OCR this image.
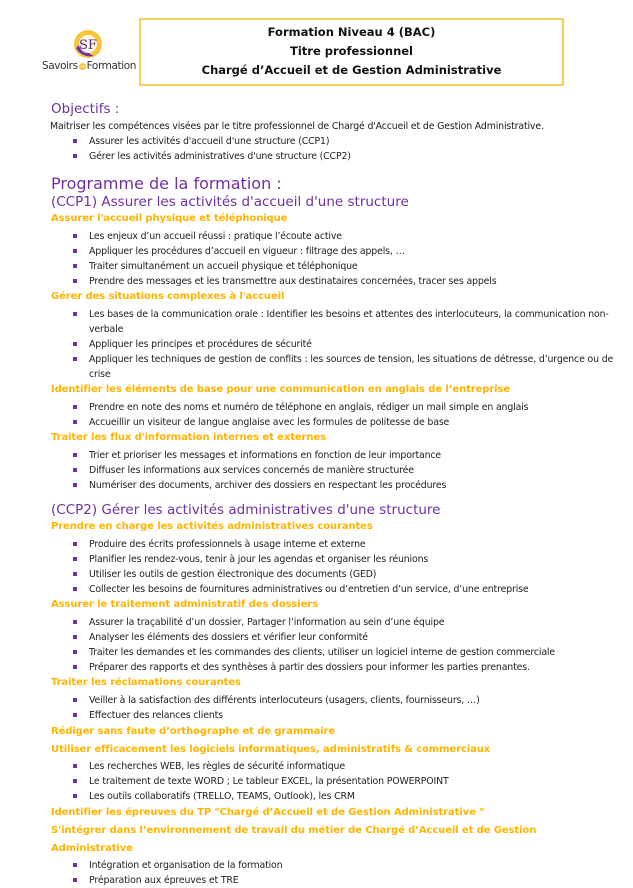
SF
Savoirs et Formation
Formation Niveau 4 (BAC)
Titre professionnel
Chargé d’Accueil et de Gestion Administrative
Objectifs :

Maitriser les compétences visées par le titre professionnel de Chargé d'Accueil et de Gestion Administrative.

Assurer les activités d'accueil d'une structure (CCP1)
Gérer les activités administratives d'une structure (CCP2)
Programme de la formation :
(CCP1) Assurer les activités d'accueil d'une structure
Assurer l'accueil physique et téléphonique
Les enjeux d’un accueil réussi : pratique l’écoute active
Appliquer les procédures d’accueil en vigueur : filtrage des appels, …
Traiter simultanément un accueil physique et téléphonique
Prendre des messages et les transmettre aux destinataires concernées, tracer ses appels
Gérer des situations complexes à l'accueil
Les bases de la communication orale : Identifier les besoins et attentes des interlocuteurs, la communication non-verbale
Appliquer les principes et procédures de sécurité
Appliquer les techniques de gestion de conflits : les sources de tension, les situations de détresse, d’urgence ou de crise
Identifier les éléments de base pour une communication en anglais de l’entreprise
Prendre en note des noms et numéro de téléphone en anglais, rédiger un mail simple en anglais
Accueillir un visiteur de langue anglaise avec les formules de politesse de base
Traiter les flux d'information internes et externes
Trier et prioriser les messages et informations en fonction de leur importance
Diffuser les informations aux services concernés de manière structurée
Numériser des documents, archiver des dossiers en respectant les procédures
(CCP2) Gérer les activités administratives d'une structure
Prendre en charge les activités administratives courantes
Produire des écrits professionnels à usage interne et externe
Planifier les rendez-vous, tenir à jour les agendas et organiser les réunions
Utiliser les outils de gestion électronique des documents (GED)
Collecter les besoins de fournitures administratives ou d’entretien d’un service, d’une entreprise
Assurer le traitement administratif des dossiers
Assurer la traçabilité d’un dossier, Partager l’information au sein d’une équipe
Analyser les éléments des dossiers et vérifier leur conformité
Traiter les demandes et les commandes des clients, utiliser un logiciel interne de gestion commerciale
Préparer des rapports et des synthèses à partir des dossiers pour informer les parties prenantes.
Traiter les réclamations courantes
Veiller à la satisfaction des différents interlocuteurs (usagers, clients, fournisseurs, …)
Effectuer des relances clients
Rédiger sans faute d’orthographe et de grammaire
Utiliser efficacement les logiciels informatiques, administratifs & commerciaux
Les recherches WEB, les règles de sécurité informatique
Le traitement de texte WORD ; Le tableur EXCEL, la présentation POWERPOINT
Les outils collaboratifs (TRELLO, TEAMS, Outlook), les CRM
Identifier les épreuves du TP "Chargé d’Accueil et de Gestion Administrative "
S'intégrer dans l’environnement de travail du métier de Chargé d’Accueil et de Gestion Administrative
Intégration et organisation de la formation
Préparation aux épreuves et TRE
